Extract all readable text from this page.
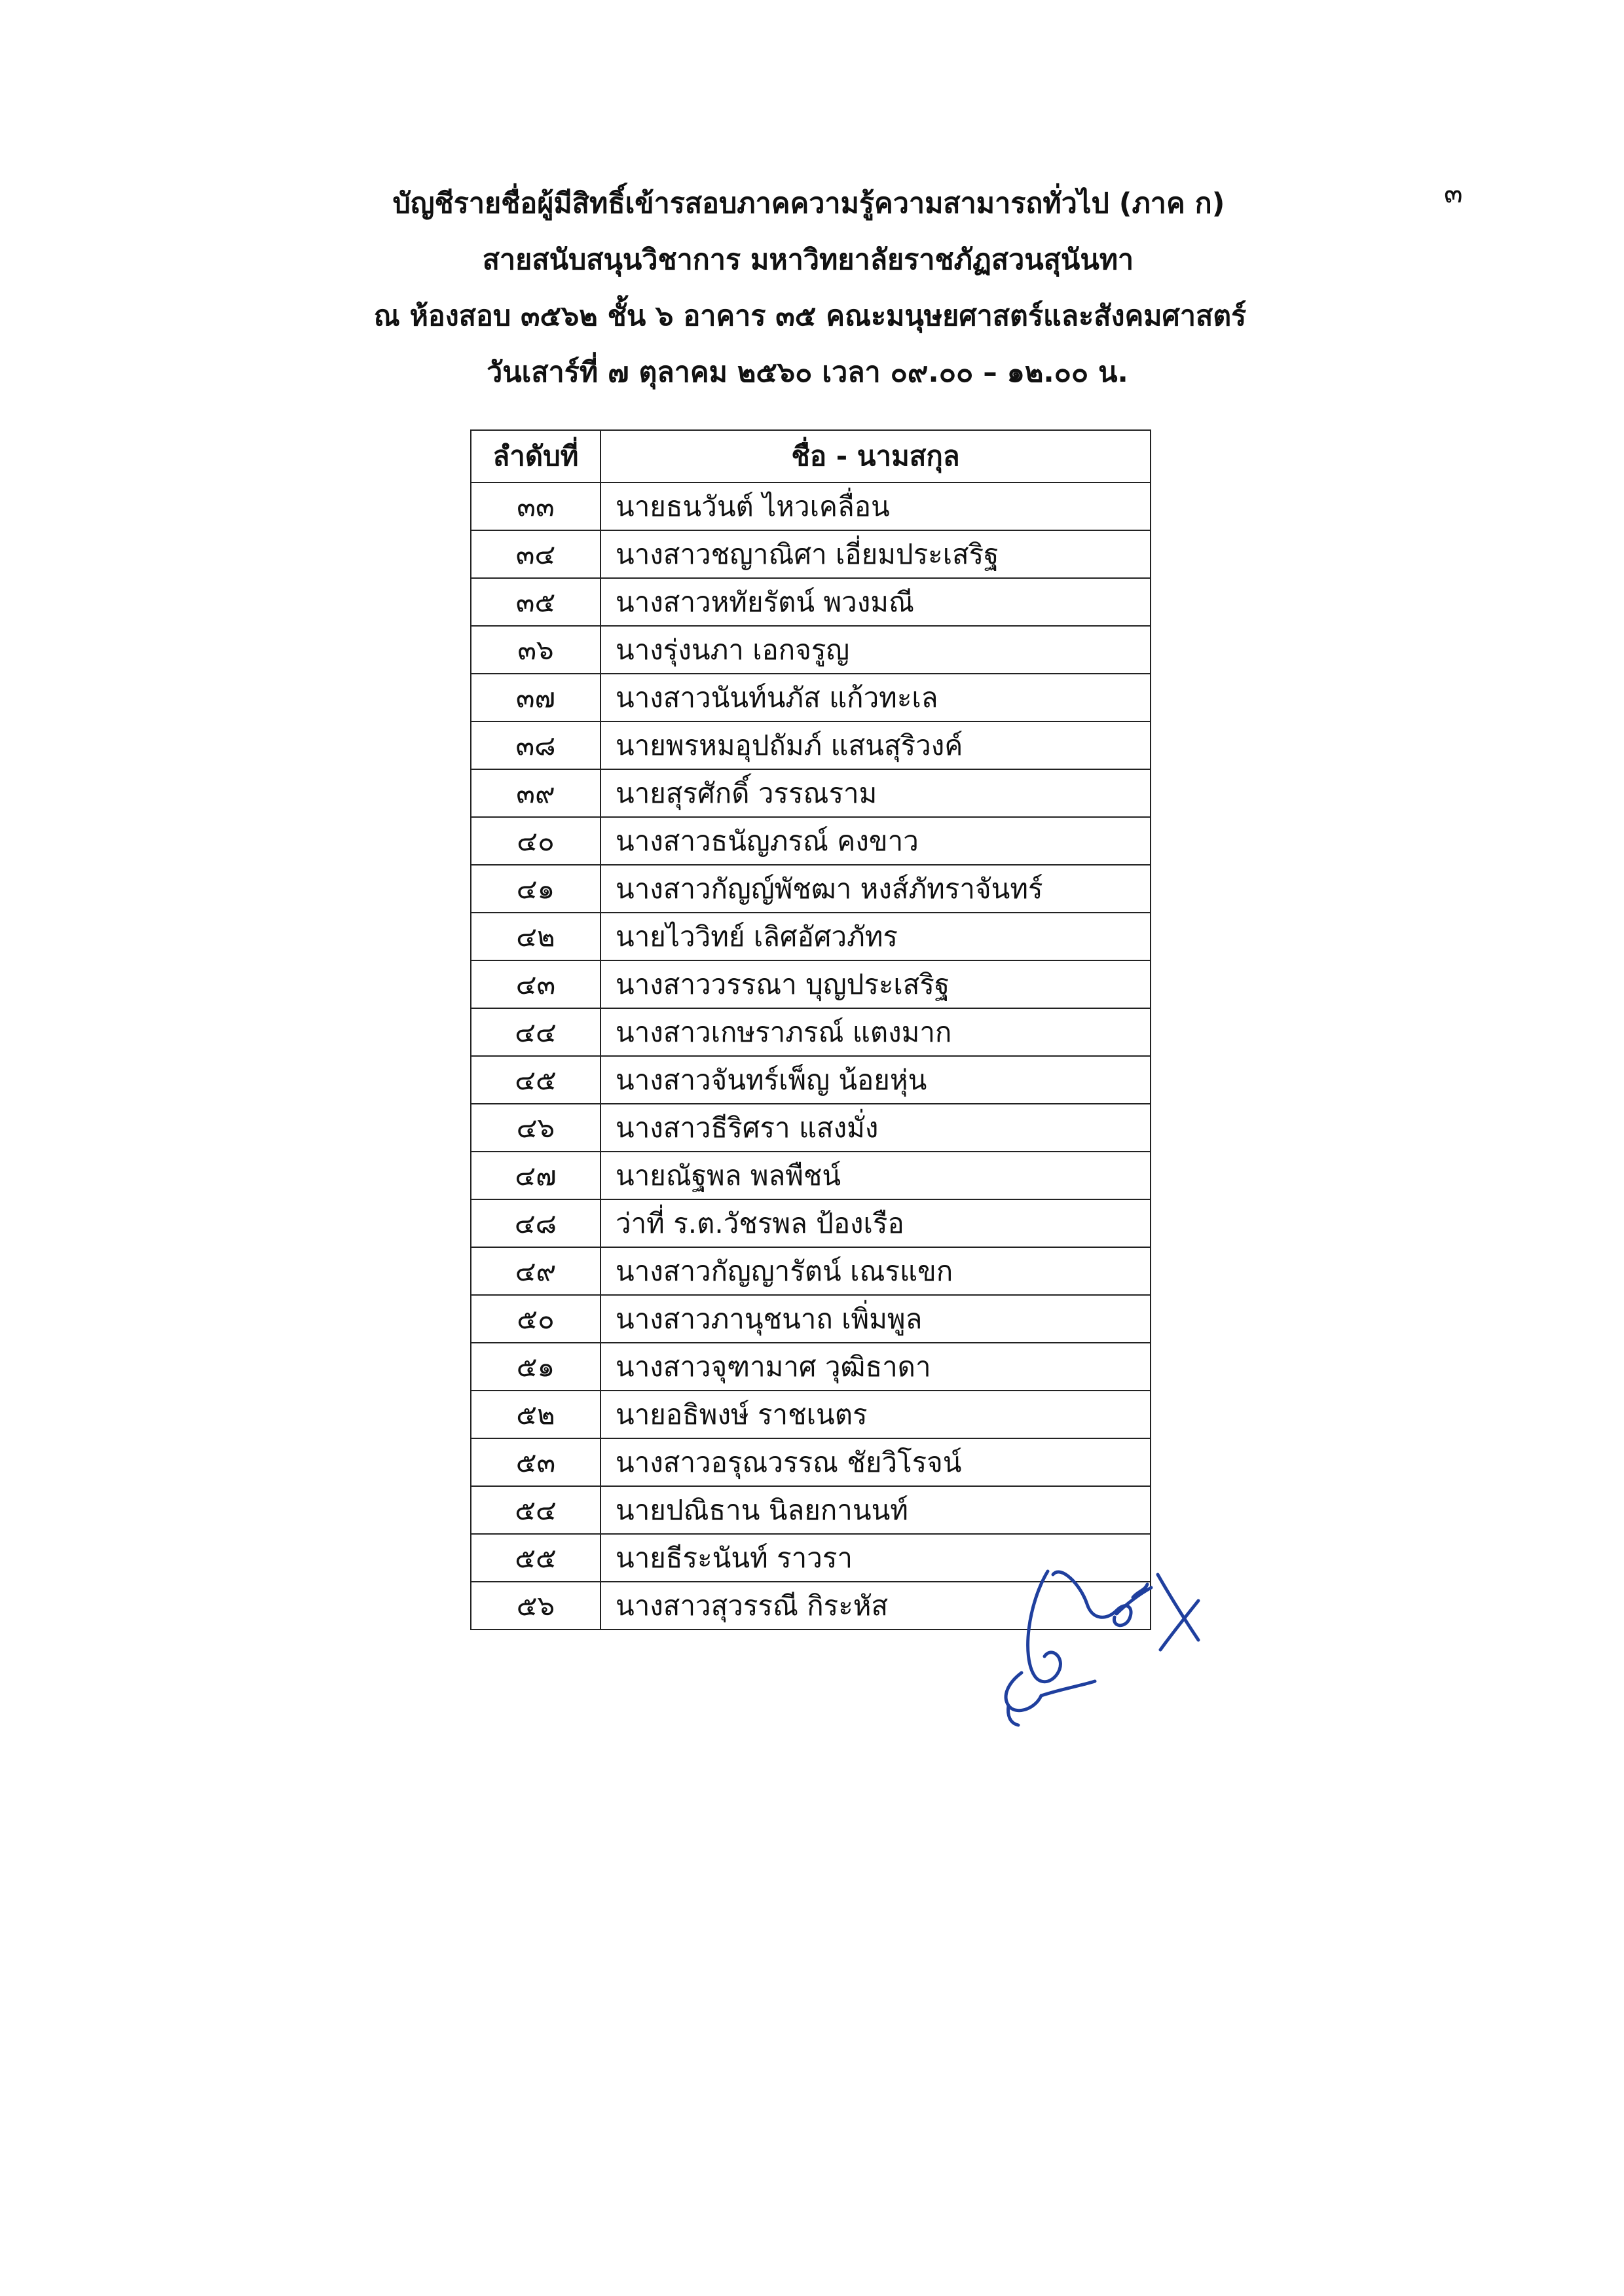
๓
บัญชีรายชื่อผู้มีสิทธิ์เข้ารสอบภาคความรู้ความสามารถทั่วไป (ภาค ก)
สายสนับสนุนวิชาการ มหาวิทยาลัยราชภัฏสวนสุนันทา
ณ ห้องสอบ ๓๕๖๒ ชั้น ๖ อาคาร ๓๕ คณะมนุษยศาสตร์และสังคมศาสตร์
วันเสาร์ที่ ๗ ตุลาคม ๒๕๖๐ เวลา ๐๙.๐๐ – ๑๒.๐๐ น.
ลำดับที่	ชื่อ - นามสกุล
๓๓	นายธนวันต์ ไหวเคลื่อน
๓๔	นางสาวชญาณิศา เอี่ยมประเสริฐ
๓๕	นางสาวหทัยรัตน์ พวงมณี
๓๖	นางรุ่งนภา เอกจรูญ
๓๗	นางสาวนันท์นภัส แก้วทะเล
๓๘	นายพรหมอุปถัมภ์ แสนสุริวงค์
๓๙	นายสุรศักดิ์ วรรณราม
๔๐	นางสาวธนัญภรณ์ คงขาว
๔๑	นางสาวกัญญ์พัชฒา หงส์ภัทราจันทร์
๔๒	นายไววิทย์ เลิศอัศวภัทร
๔๓	นางสาววรรณา บุญประเสริฐ
๔๔	นางสาวเกษราภรณ์ แตงมาก
๔๕	นางสาวจันทร์เพ็ญ น้อยหุ่น
๔๖	นางสาวธีริศรา แสงมั่ง
๔๗	นายณัฐพล พลพืชน์
๔๘	ว่าที่ ร.ต.วัชรพล ป้องเรือ
๔๙	นางสาวกัญญารัตน์ เณรแขก
๕๐	นางสาวภานุชนาถ เพิ่มพูล
๕๑	นางสาวจุฑามาศ วุฒิธาดา
๕๒	นายอธิพงษ์ ราชเนตร
๕๓	นางสาวอรุณวรรณ ชัยวิโรจน์
๕๔	นายปณิธาน นิลยกานนท์
๕๕	นายธีระนันท์ ราวรา
๕๖	นางสาวสุวรรณี กิระหัส
